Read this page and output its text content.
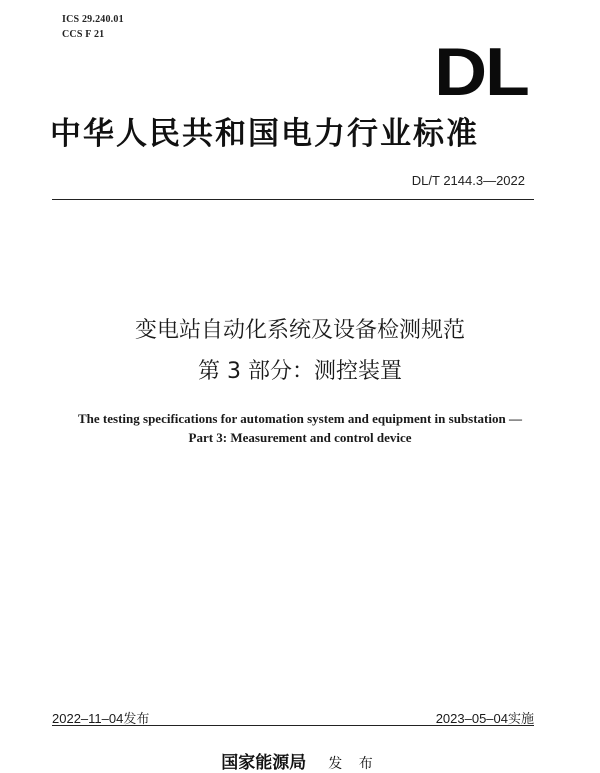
ICS 29.240.01
CCS F 21	DL
中华人民共和国电力行业标准
DL/T 2144.3—2022
变电站自动化系统及设备检测规范
第 3 部分：测控装置
The testing specifications for automation system and equipment in substation —
Part 3: Measurement and control device
2022–11–04发布	2023–05–04实施
国家能源局 发 布
